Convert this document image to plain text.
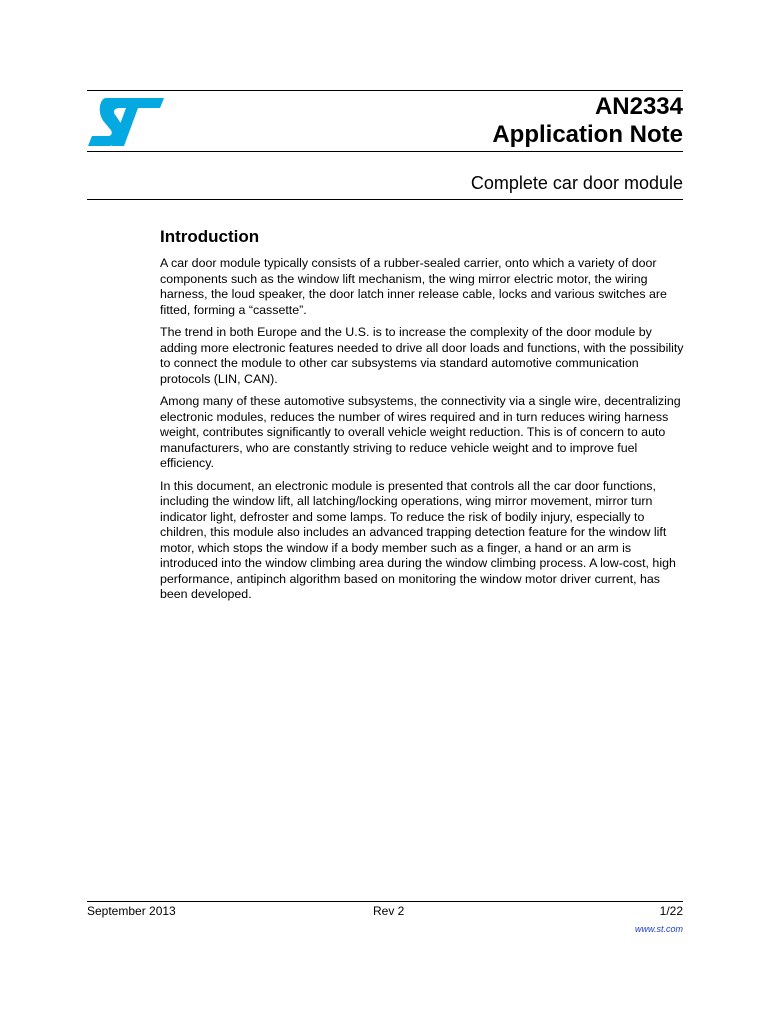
AN2334
Application Note
Complete car door module
Introduction

A car door module typically consists of a rubber-sealed carrier, onto which a variety of door components such as the window lift mechanism, the wing mirror electric motor, the wiring harness, the loud speaker, the door latch inner release cable, locks and various switches are fitted, forming a “cassette”.

The trend in both Europe and the U.S. is to increase the complexity of the door module by adding more electronic features needed to drive all door loads and functions, with the possibility to connect the module to other car subsystems via standard automotive communication protocols (LIN, CAN).

Among many of these automotive subsystems, the connectivity via a single wire, decentralizing electronic modules, reduces the number of wires required and in turn reduces wiring harness weight, contributes significantly to overall vehicle weight reduction. This is of concern to auto manufacturers, who are constantly striving to reduce vehicle weight and to improve fuel efficiency.

In this document, an electronic module is presented that controls all the car door functions, including the window lift, all latching/locking operations, wing mirror movement, mirror turn indicator light, defroster and some lamps. To reduce the risk of bodily injury, especially to children, this module also includes an advanced trapping detection feature for the window lift motor, which stops the window if a body member such as a finger, a hand or an arm is introduced into the window climbing area during the window climbing process. A low-cost, high performance, antipinch algorithm based on monitoring the window motor driver current, has been developed.

September 2013	Rev 2	1/22
www.st.com
